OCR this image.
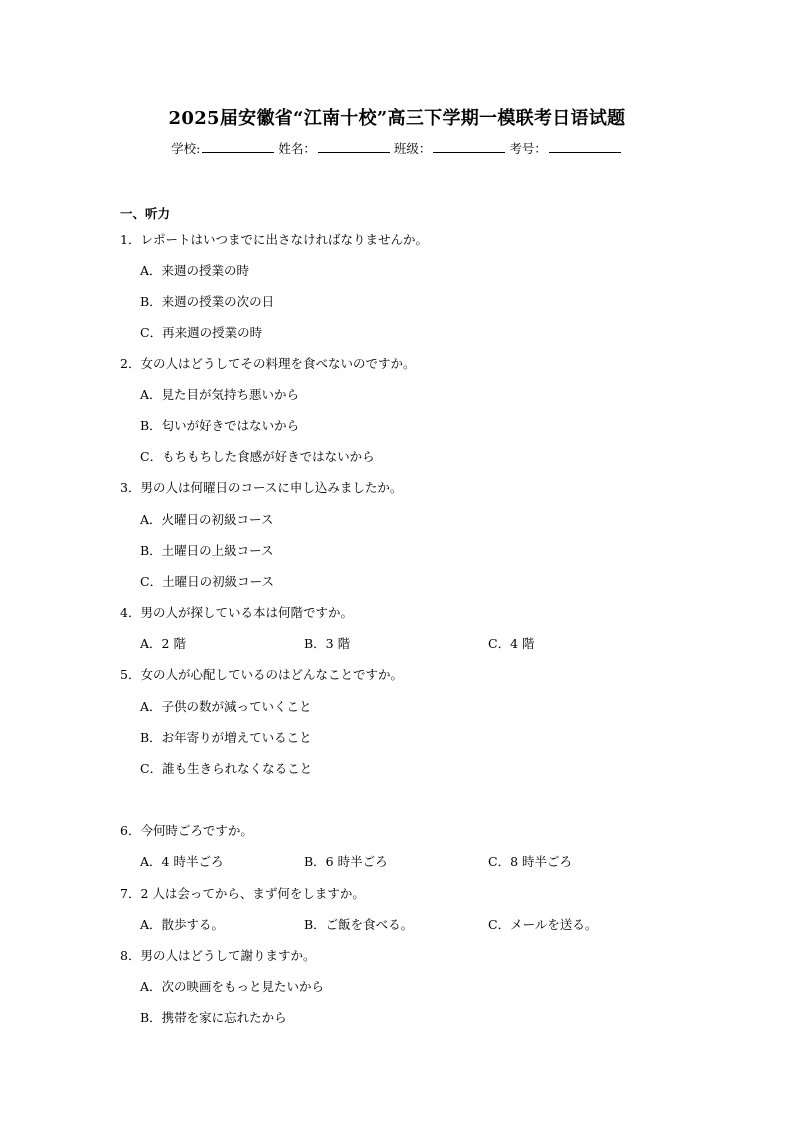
2025届安徽省“江南十校”高三下学期一模联考日语试题
学校:	姓名：	班级：	考号：
一、听力
1．レポートはいつまでに出さなければなりませんか。
A．来週の授業の時
B．来週の授業の次の日
C．再来週の授業の時
2．女の人はどうしてその料理を食べないのですか。
A．見た目が気持ち悪いから
B．匂いが好きではないから
C．もちもちした食感が好きではないから
3．男の人は何曜日のコースに申し込みましたか。
A．火曜日の初級コース
B．土曜日の上級コース
C．土曜日の初級コース
4．男の人が探している本は何階ですか。
A．2 階	B．3 階	C．4 階
5．女の人が心配しているのはどんなことですか。
A．子供の数が減っていくこと
B．お年寄りが増えていること
C．誰も生きられなくなること
6．今何時ごろですか。
A．4 時半ごろ	B．6 時半ごろ	C．8 時半ごろ
7．2 人は会ってから、まず何をしますか。
A．散歩する。	B．ご飯を食べる。	C．メールを送る。
8．男の人はどうして謝りますか。
A．次の映画をもっと見たいから
B．携帯を家に忘れたから
